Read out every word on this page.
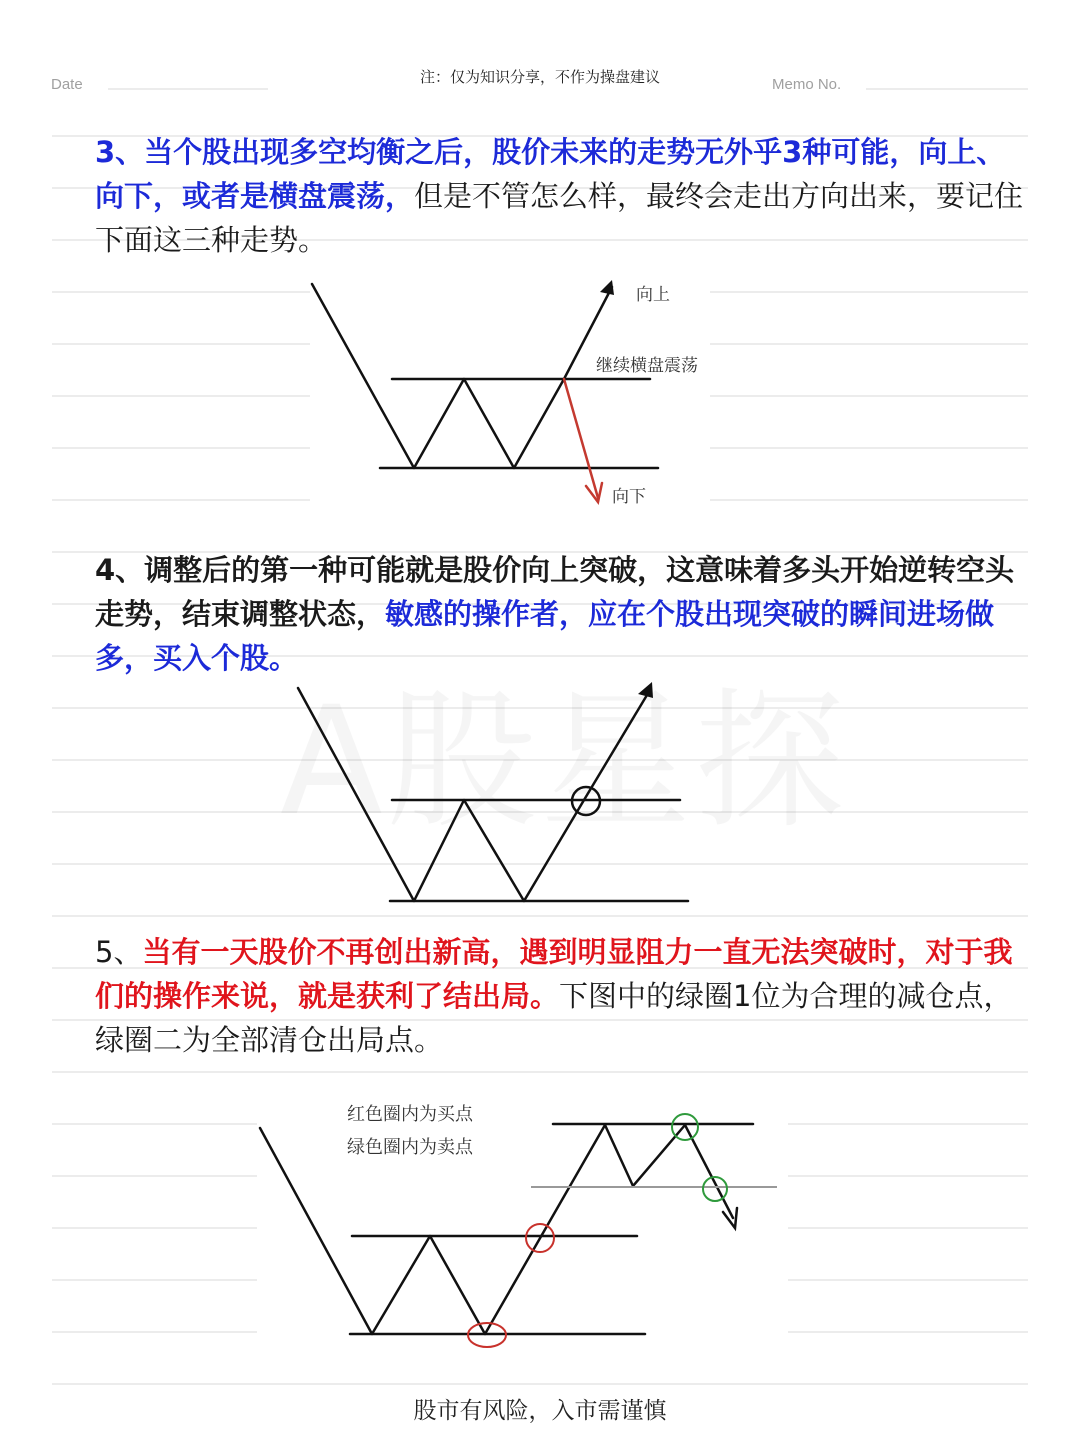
Date	注：仅为知识分享，不作为操盘建议	Memo No.
3、当个股出现多空均衡之后，股价未来的走势无外乎3种可能，向上、向下，或者是横盘震荡，但是不管怎么样，最终会走出方向出来，要记住下面这三种走势。
向上
继续横盘震荡
向下
4、调整后的第一种可能就是股价向上突破，这意味着多头开始逆转空头走势，结束调整状态，敏感的操作者，应在个股出现突破的瞬间进场做多，买入个股。
5、当有一天股价不再创出新高，遇到明显阻力一直无法突破时，对于我们的操作来说，就是获利了结出局。下图中的绿圈1位为合理的减仓点，绿圈二为全部清仓出局点。
红色圈内为买点
绿色圈内为卖点
股市有风险，入市需谨慎
